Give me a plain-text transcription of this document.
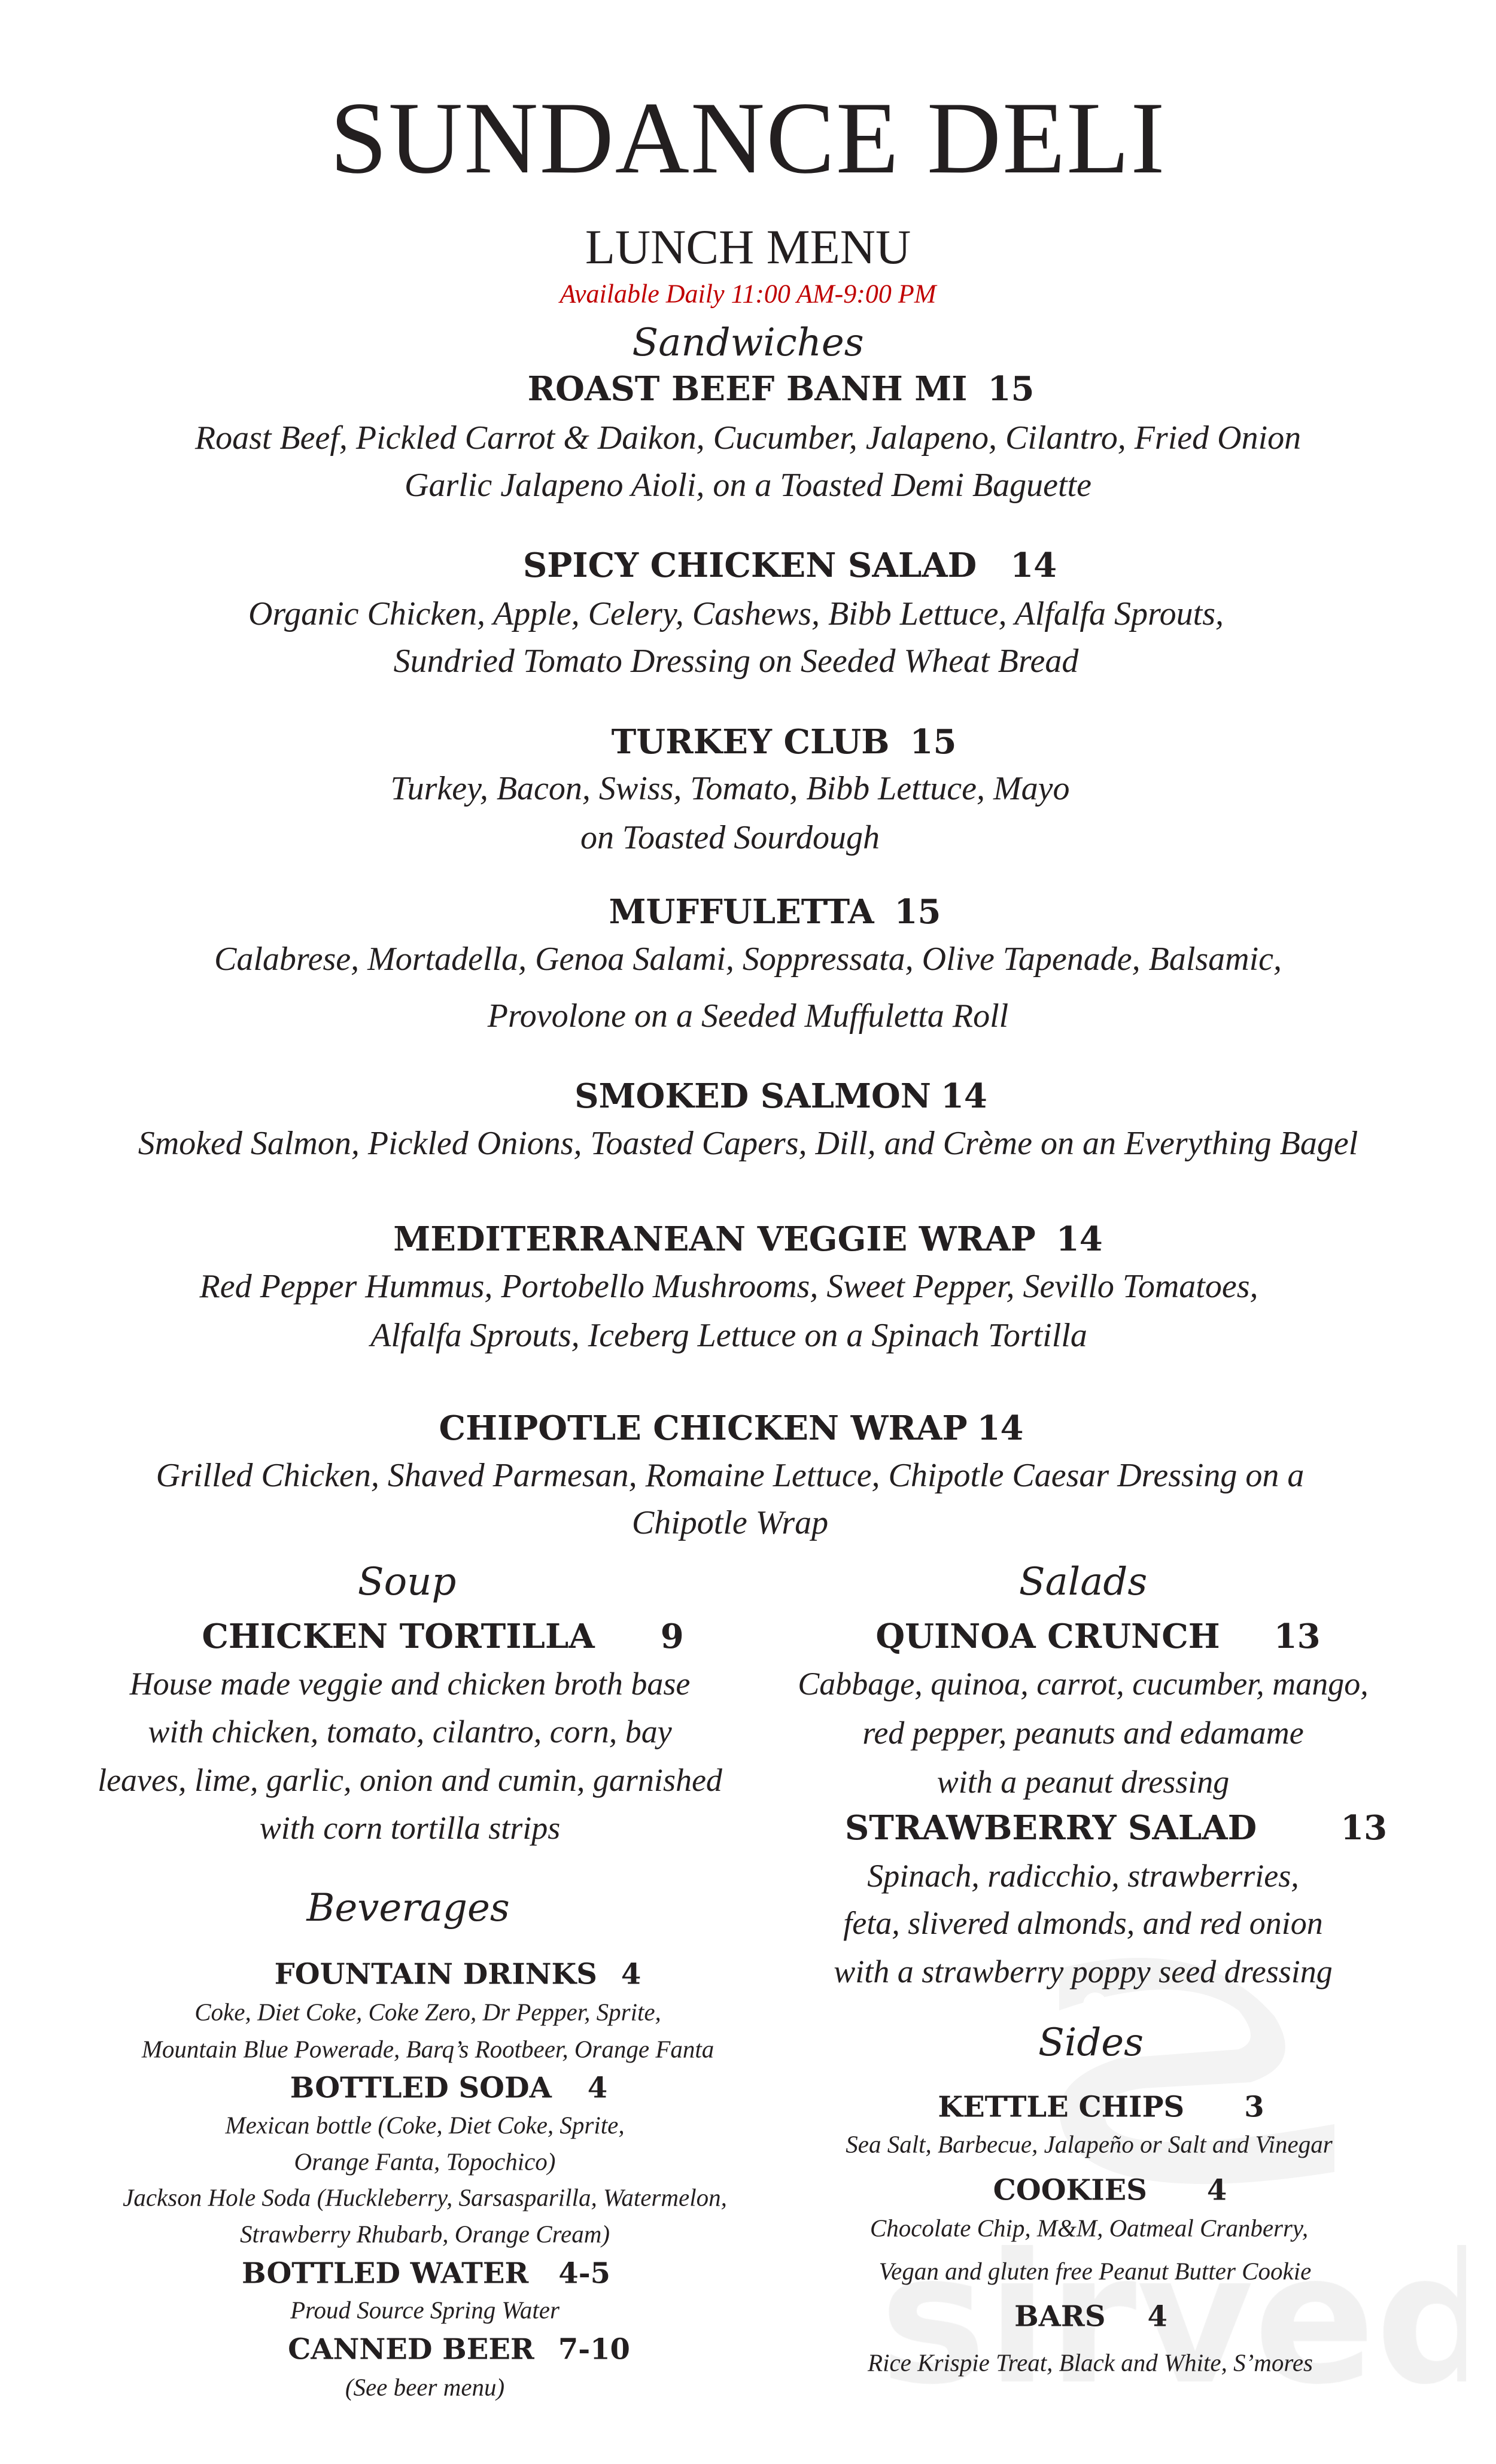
SUNDANCE DELI
LUNCH MENU
Available Daily 11:00 AM-9:00 PM
Sandwiches
ROAST BEEF BANH MI 15
Roast Beef, Pickled Carrot & Daikon, Cucumber, Jalapeno, Cilantro, Fried Onion
Garlic Jalapeno Aioli, on a Toasted Demi Baguette
SPICY CHICKEN SALAD 14
Organic Chicken, Apple, Celery, Cashews, Bibb Lettuce, Alfalfa Sprouts,
Sundried Tomato Dressing on Seeded Wheat Bread
TURKEY CLUB 15
Turkey, Bacon, Swiss, Tomato, Bibb Lettuce, Mayo
on Toasted Sourdough
MUFFULETTA 15
Calabrese, Mortadella, Genoa Salami, Soppressata, Olive Tapenade, Balsamic,
Provolone on a Seeded Muffuletta Roll
SMOKED SALMON 14
Smoked Salmon, Pickled Onions, Toasted Capers, Dill, and Crème on an Everything Bagel
MEDITERRANEAN VEGGIE WRAP 14
Red Pepper Hummus, Portobello Mushrooms, Sweet Pepper, Sevillo Tomatoes,
Alfalfa Sprouts, Iceberg Lettuce on a Spinach Tortilla
CHIPOTLE CHICKEN WRAP 14
Grilled Chicken, Shaved Parmesan, Romaine Lettuce, Chipotle Caesar Dressing on a
Chipotle Wrap
Soup
CHICKEN TORTILLA 9
House made veggie and chicken broth base
with chicken, tomato, cilantro, corn, bay
leaves, lime, garlic, onion and cumin, garnished
with corn tortilla strips
Beverages
FOUNTAIN DRINKS 4
Coke, Diet Coke, Coke Zero, Dr Pepper, Sprite,
Mountain Blue Powerade, Barq’s Rootbeer, Orange Fanta
BOTTLED SODA 4
Mexican bottle (Coke, Diet Coke, Sprite,
Orange Fanta, Topochico)
Jackson Hole Soda (Huckleberry, Sarsasparilla, Watermelon,
Strawberry Rhubarb, Orange Cream)
BOTTLED WATER 4-5
Proud Source Spring Water
CANNED BEER 7-10
(See beer menu)
Salads
QUINOA CRUNCH 13
Cabbage, quinoa, carrot, cucumber, mango,
red pepper, peanuts and edamame
with a peanut dressing
STRAWBERRY SALAD	13
Spinach, radicchio, strawberries,
feta, slivered almonds, and red onion
with a strawberry poppy seed dressing
Sides
KETTLE CHIPS 3
Sea Salt, Barbecue, Jalapeño or Salt and Vinegar
COOKIES 4
Chocolate Chip, M&M, Oatmeal Cranberry,
Vegan and gluten free Peanut Butter Cookie
BARS 4
Rice Krispie Treat, Black and White, S’mores
